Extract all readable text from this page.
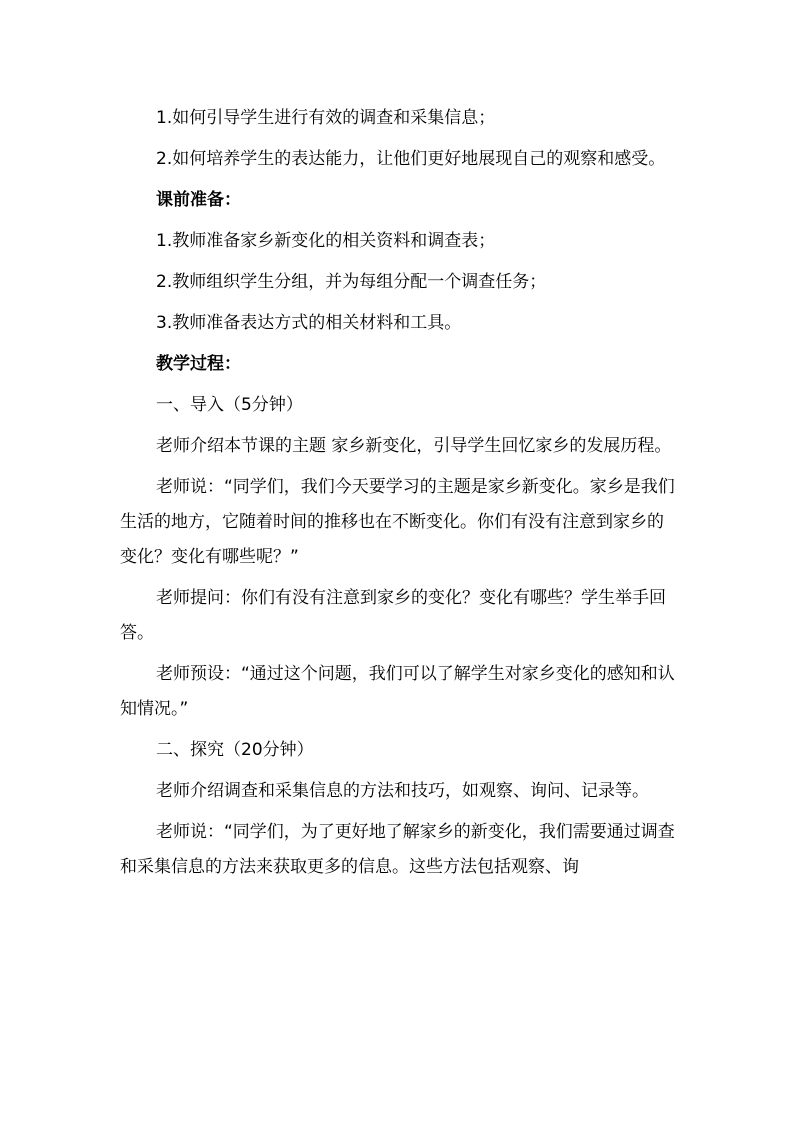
1.如何引导学生进行有效的调查和采集信息；

2.如何培养学生的表达能力，让他们更好地展现自己的观察和感受。

课前准备：

1.教师准备家乡新变化的相关资料和调查表；

2.教师组织学生分组，并为每组分配一个调查任务；

3.教师准备表达方式的相关材料和工具。

教学过程：

一、导入（5分钟）

老师介绍本节课的主题 家乡新变化，引导学生回忆家乡的发展历程。

老师说：“同学们，我们今天要学习的主题是家乡新变化。家乡是我们生活的地方，它随着时间的推移也在不断变化。你们有没有注意到家乡的变化？变化有哪些呢？”

老师提问：你们有没有注意到家乡的变化？变化有哪些？学生举手回答。

老师预设：“通过这个问题，我们可以了解学生对家乡变化的感知和认知情况。”

二、探究（20分钟）

老师介绍调查和采集信息的方法和技巧，如观察、询问、记录等。

老师说：“同学们，为了更好地了解家乡的新变化，我们需要通过调查和采集信息的方法来获取更多的信息。这些方法包括观察、询
